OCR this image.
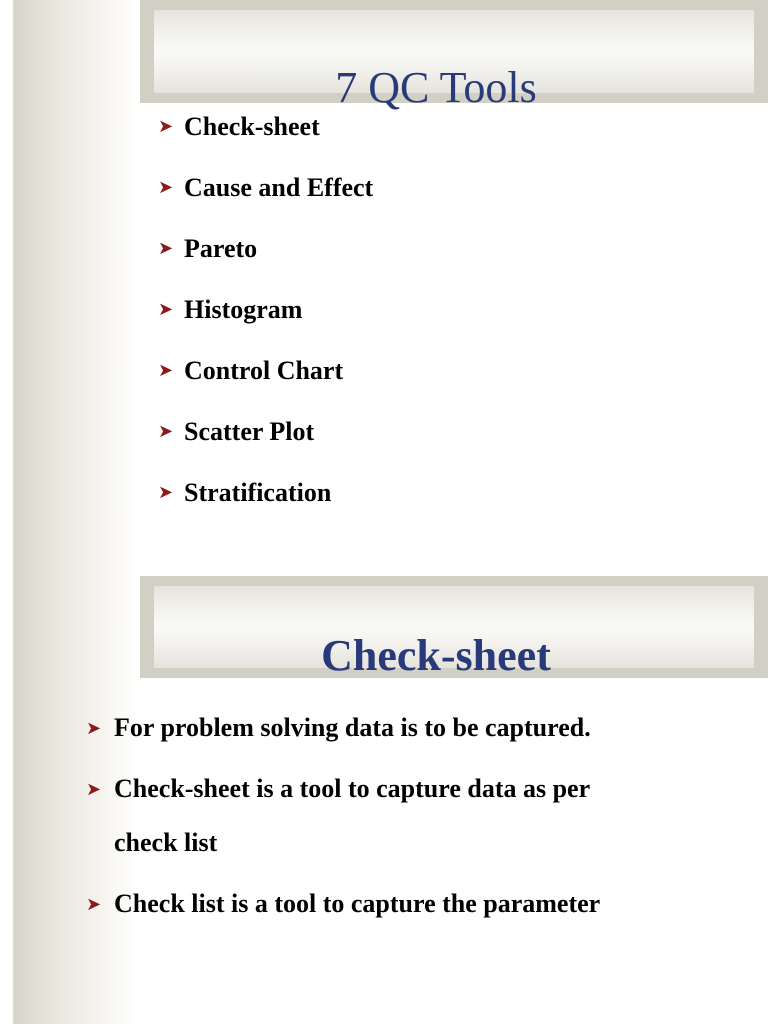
7 QC Tools
➤ Check-sheet
➤ Cause and Effect
➤ Pareto
➤ Histogram
➤ Control Chart
➤ Scatter Plot
➤ Stratification
Check-sheet
➤ For problem solving data is to be captured.
➤ Check-sheet is a tool to capture data as per
check list
➤ Check list is a tool to capture the parameter
